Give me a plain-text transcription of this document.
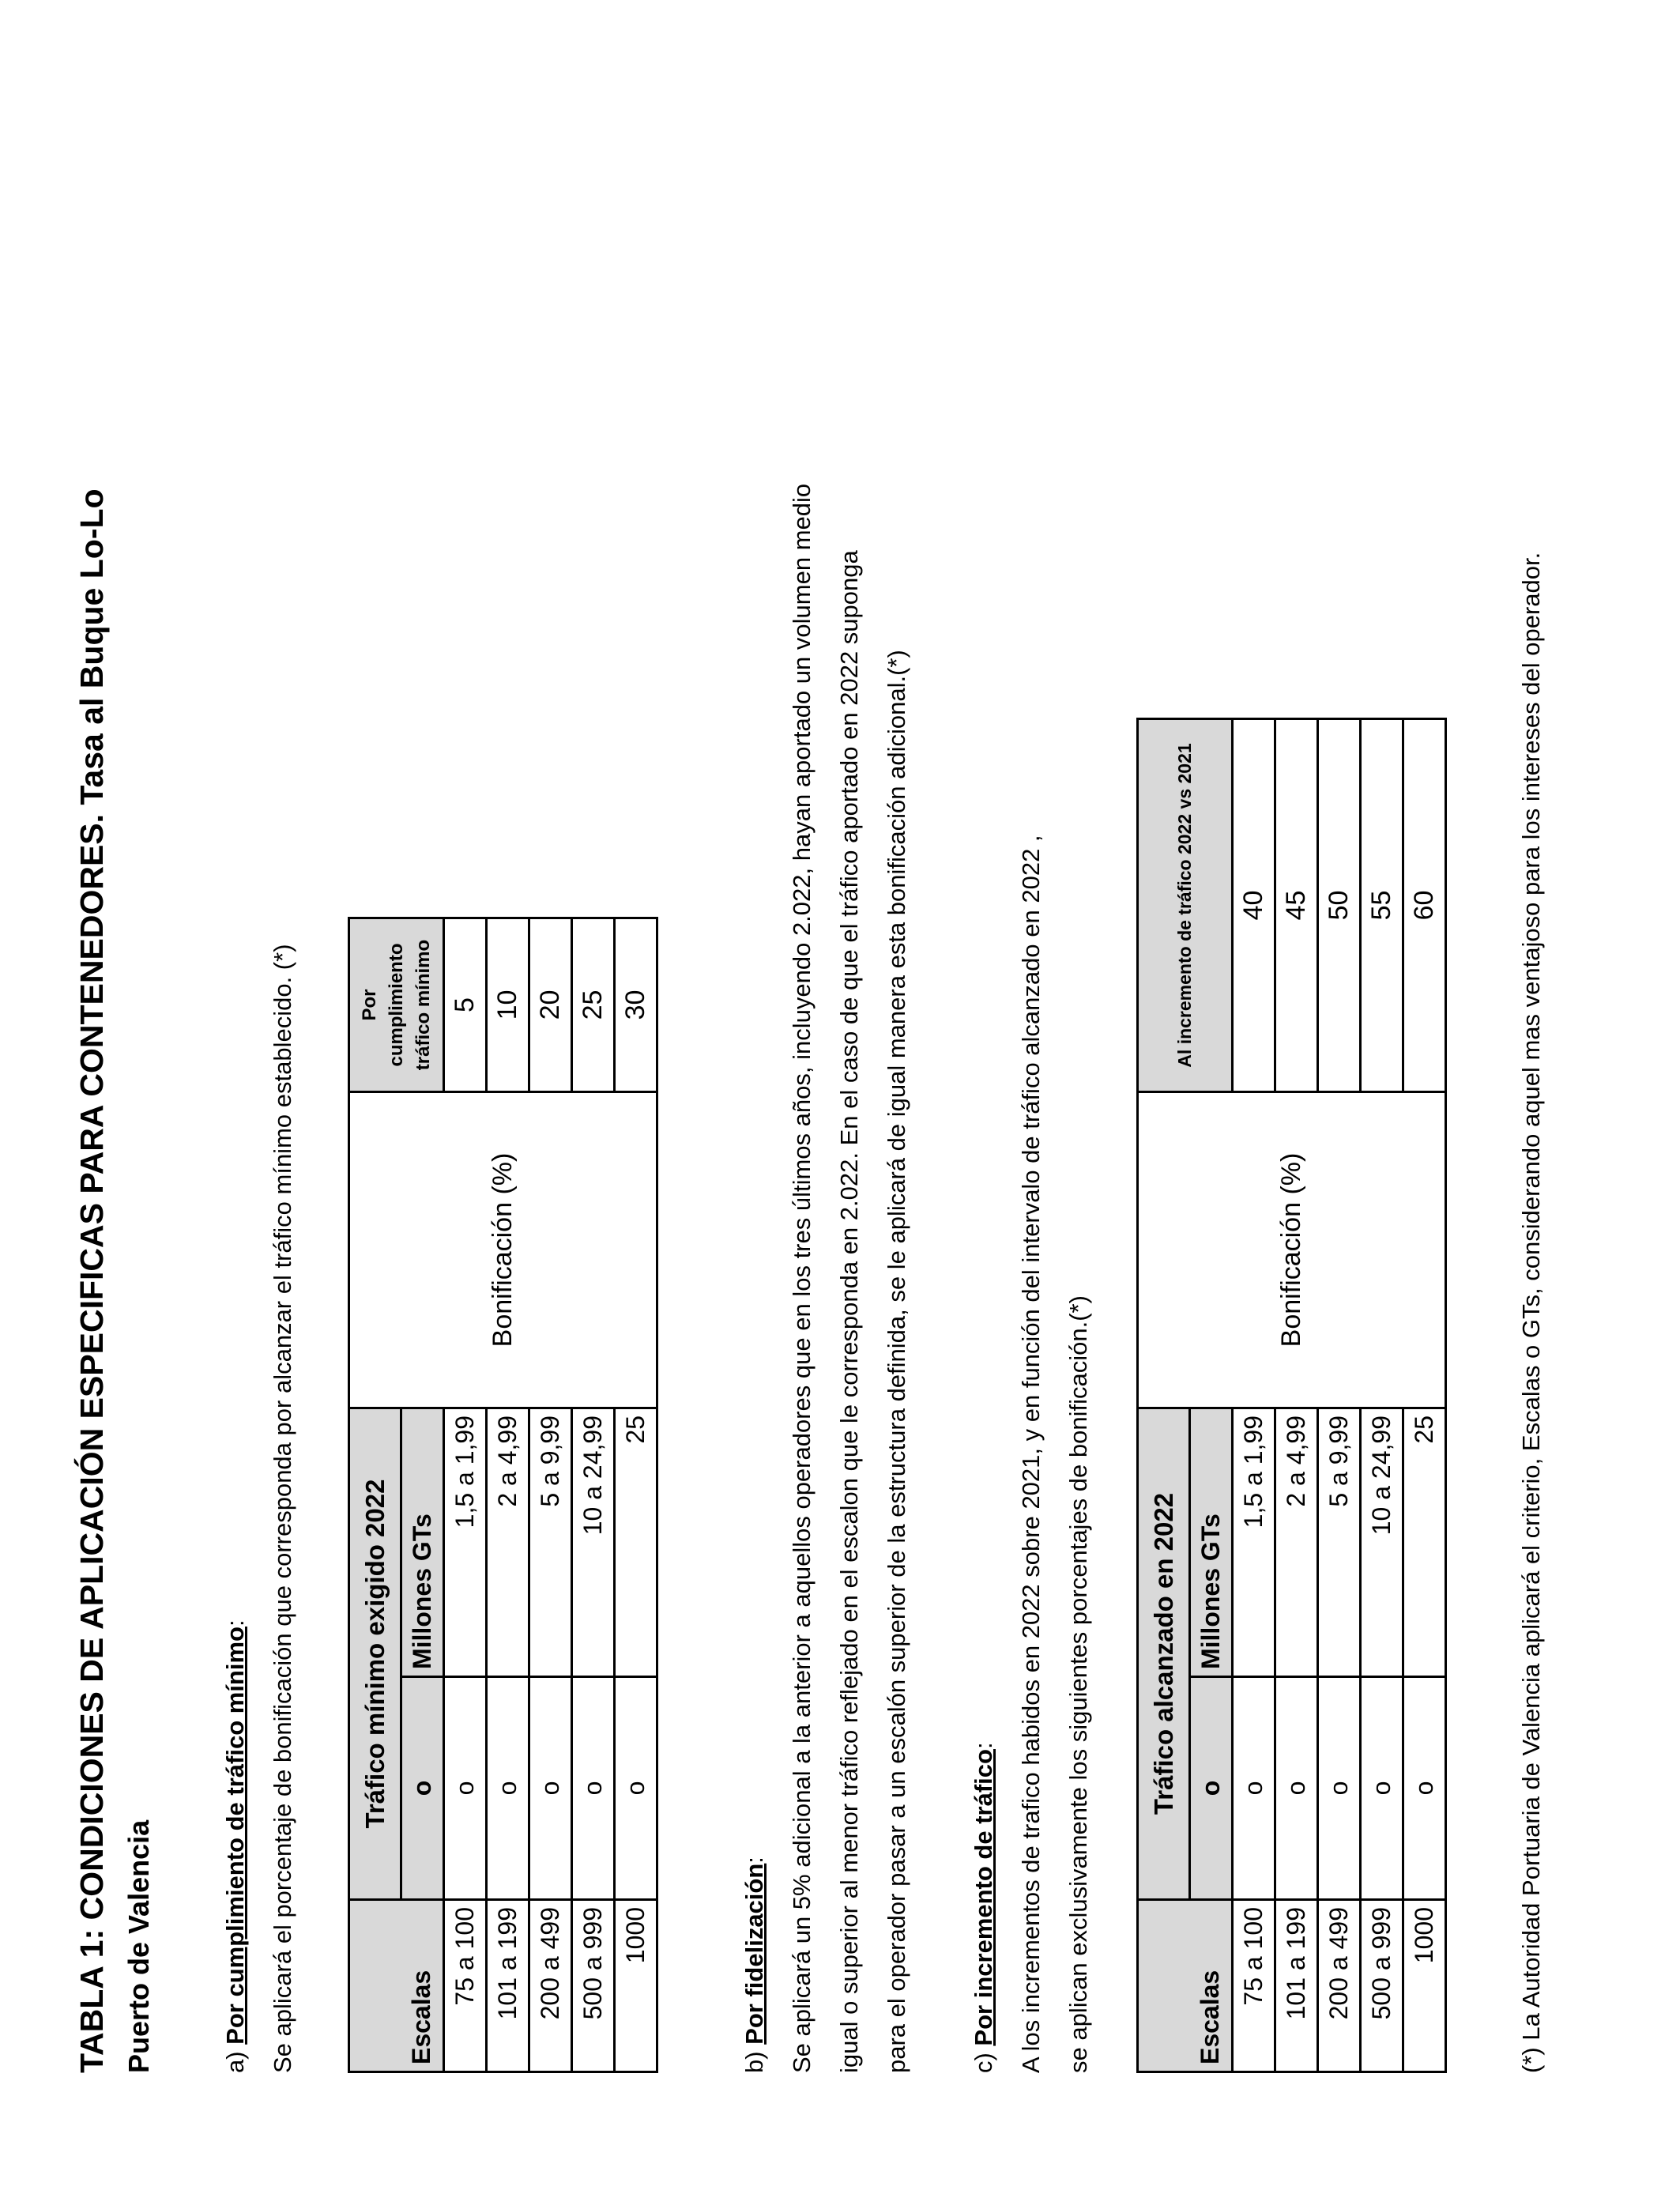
TABLA 1: CONDICIONES DE APLICACIÓN ESPECIFICAS PARA CONTENEDORES. Tasa al Buque Lo-Lo Puerto de Valencia	a) Por cumplimiento de tráfico mínimo: Se aplicará el porcentaje de bonificación que corresponda por alcanzar el tráfico mínimo establecido. (*)
		Tráfico mínimo exigido 2022		Bonificación (%)	Por cumplimiento tráfico mínimo
Escalas	o	Millones GTs		
75 a 100	o	1,5 a 1,99		5
101 a 199	o	2 a 4,99		10
200 a 499	o	5 a 9,99		20
500 a 999	o	10 a 24,99		25
1000	o	25		30
b) Por fidelización: Se aplicará un 5% adicional a la anterior a aquellos operadores que en los tres últimos años, incluyendo 2.022, hayan aportado un volumen medio igual o superior al menor tráfico reflejado en el escalon que le corresponda en 2.022. En el caso de que el tráfico aportado en 2022 suponga para el operador pasar a un escalón superior de la estructura definida, se le aplicará de igual manera esta bonificación adicional.(*)	c) Por incremento de tráfico: A los incrementos de trafico habidos en 2022 sobre 2021, y en función del intervalo de tráfico alcanzado en 2022 , se aplican exclusivamente los siguientes porcentajes de bonificación.(*)
		Tráfico alcanzado en 2022		Bonificación (%)	Al incremento de tráfico 2022 vs 2021
Escalas	o	Millones GTs		
75 a 100	o	1,5 a 1,99		40
101 a 199	o	2 a 4,99		45
200 a 499	o	5 a 9,99		50
500 a 999	o	10 a 24,99		55
1000	o	25		60	(*) La Autoridad Portuaria de Valencia aplicará el criterio, Escalas o GTs, considerando aquel mas ventajoso para los intereses del operador.
